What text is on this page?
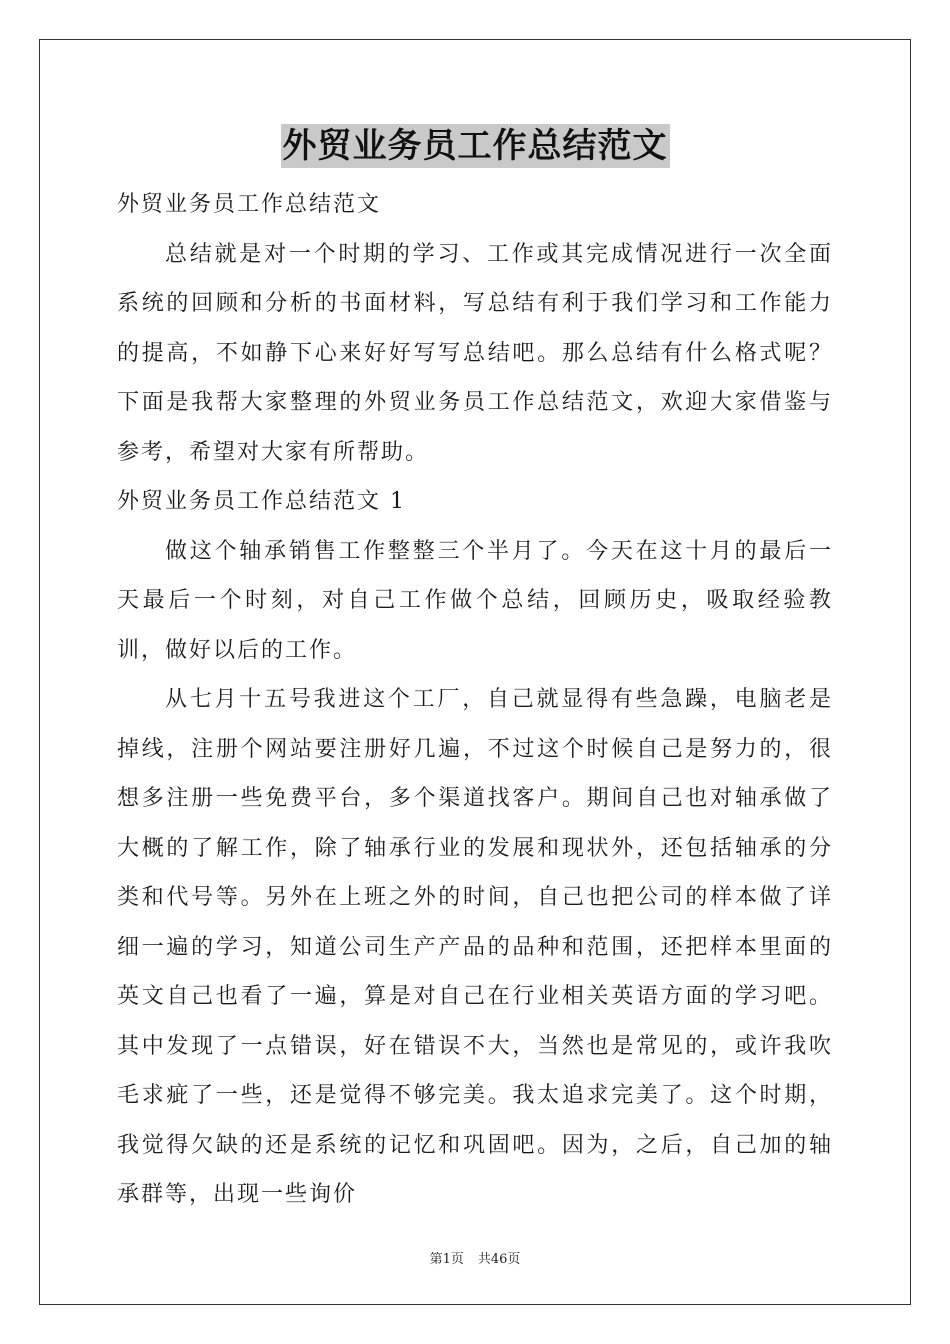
外贸业务员工作总结范文

外贸业务员工作总结范文

总结就是对一个时期的学习、工作或其完成情况进行一次全面系统的回顾和分析的书面材料，写总结有利于我们学习和工作能力的提高，不如静下心来好好写写总结吧。那么总结有什么格式呢？下面是我帮大家整理的外贸业务员工作总结范文，欢迎大家借鉴与参考，希望对大家有所帮助。

外贸业务员工作总结范文 1

做这个轴承销售工作整整三个半月了。今天在这十月的最后一天最后一个时刻，对自己工作做个总结，回顾历史，吸取经验教训，做好以后的工作。

从七月十五号我进这个工厂，自己就显得有些急躁，电脑老是掉线，注册个网站要注册好几遍，不过这个时候自己是努力的，很想多注册一些免费平台，多个渠道找客户。期间自己也对轴承做了大概的了解工作，除了轴承行业的发展和现状外，还包括轴承的分类和代号等。另外在上班之外的时间，自己也把公司的样本做了详细一遍的学习，知道公司生产产品的品种和范围，还把样本里面的英文自己也看了一遍，算是对自己在行业相关英语方面的学习吧。其中发现了一点错误，好在错误不大，当然也是常见的，或许我吹毛求疵了一些，还是觉得不够完美。我太追求完美了。这个时期，我觉得欠缺的还是系统的记忆和巩固吧。因为，之后，自己加的轴承群等，出现一些询价

第1页 共46页
